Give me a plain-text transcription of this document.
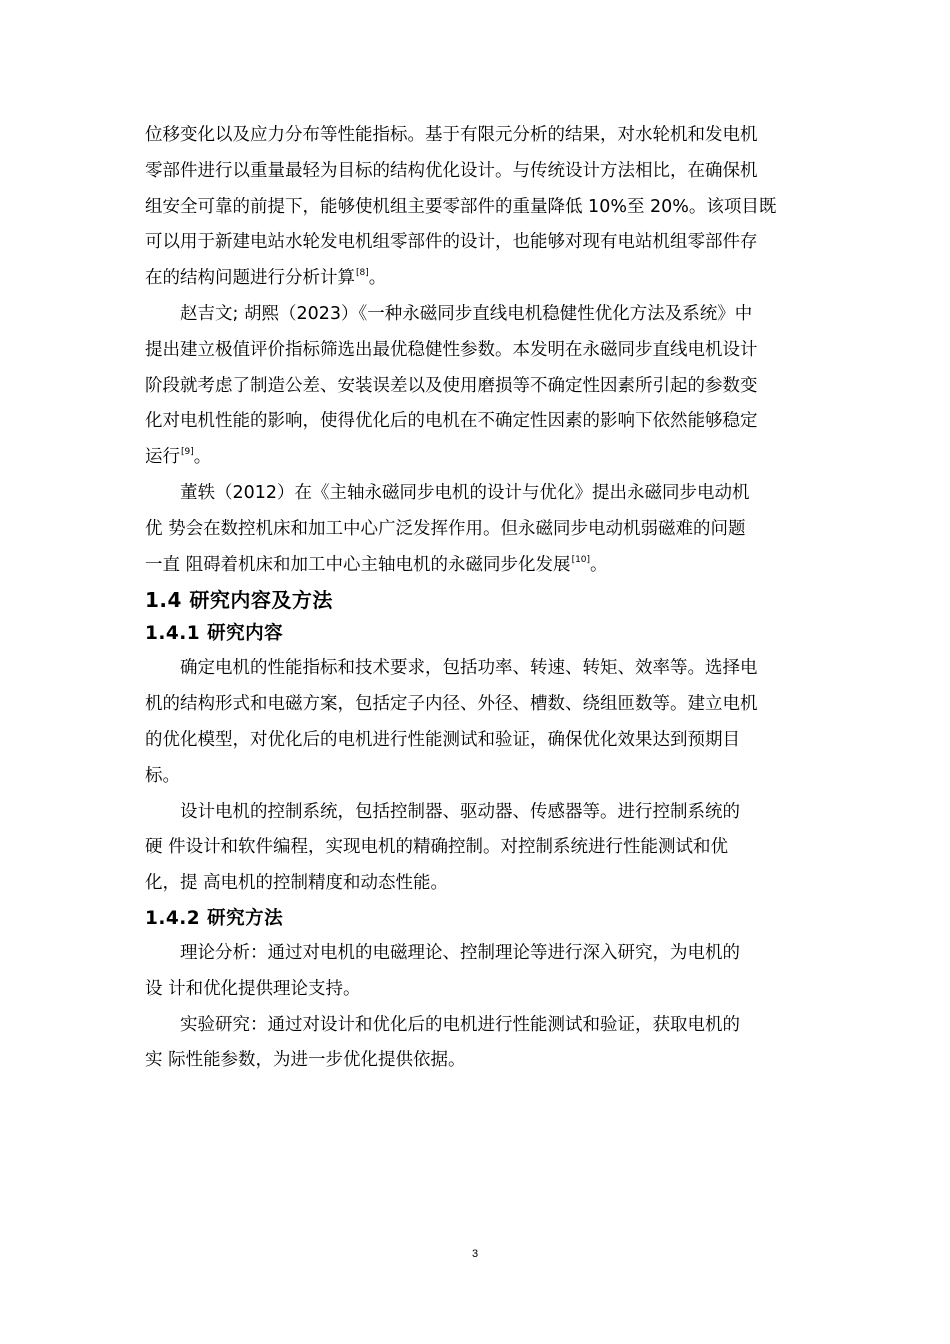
位移变化以及应力分布等性能指标。基于有限元分析的结果，对水轮机和发电机
零部件进行以重量最轻为目标的结构优化设计。与传统设计方法相比，在确保机
组安全可靠的前提下，能够使机组主要零部件的重量降低 10%至 20%。该项目既
可以用于新建电站水轮发电机组零部件的设计，也能够对现有电站机组零部件存
在的结构问题进行分析计算[8]。

赵吉文; 胡熙（2023）《一种永磁同步直线电机稳健性优化方法及系统》中
提出建立极值评价指标筛选出最优稳健性参数。本发明在永磁同步直线电机设计
阶段就考虑了制造公差、安装误差以及使用磨损等不确定性因素所引起的参数变
化对电机性能的影响，使得优化后的电机在不确定性因素的影响下依然能够稳定
运行[9]。

董轶（2012）在《主轴永磁同步电机的设计与优化》提出永磁同步电动机
优 势会在数控机床和加工中心广泛发挥作用。但永磁同步电动机弱磁难的问题
一直 阻碍着机床和加工中心主轴电机的永磁同步化发展[10]。

1.4 研究内容及方法
1.4.1 研究内容

确定电机的性能指标和技术要求，包括功率、转速、转矩、效率等。选择电
机的结构形式和电磁方案，包括定子内径、外径、槽数、绕组匝数等。建立电机
的优化模型，对优化后的电机进行性能测试和验证，确保优化效果达到预期目
标。

设计电机的控制系统，包括控制器、驱动器、传感器等。进行控制系统的
硬 件设计和软件编程，实现电机的精确控制。对控制系统进行性能测试和优
化，提 高电机的控制精度和动态性能。

1.4.2 研究方法

理论分析：通过对电机的电磁理论、控制理论等进行深入研究，为电机的
设 计和优化提供理论支持。

实验研究：通过对设计和优化后的电机进行性能测试和验证，获取电机的
实 际性能参数，为进一步优化提供依据。

3
